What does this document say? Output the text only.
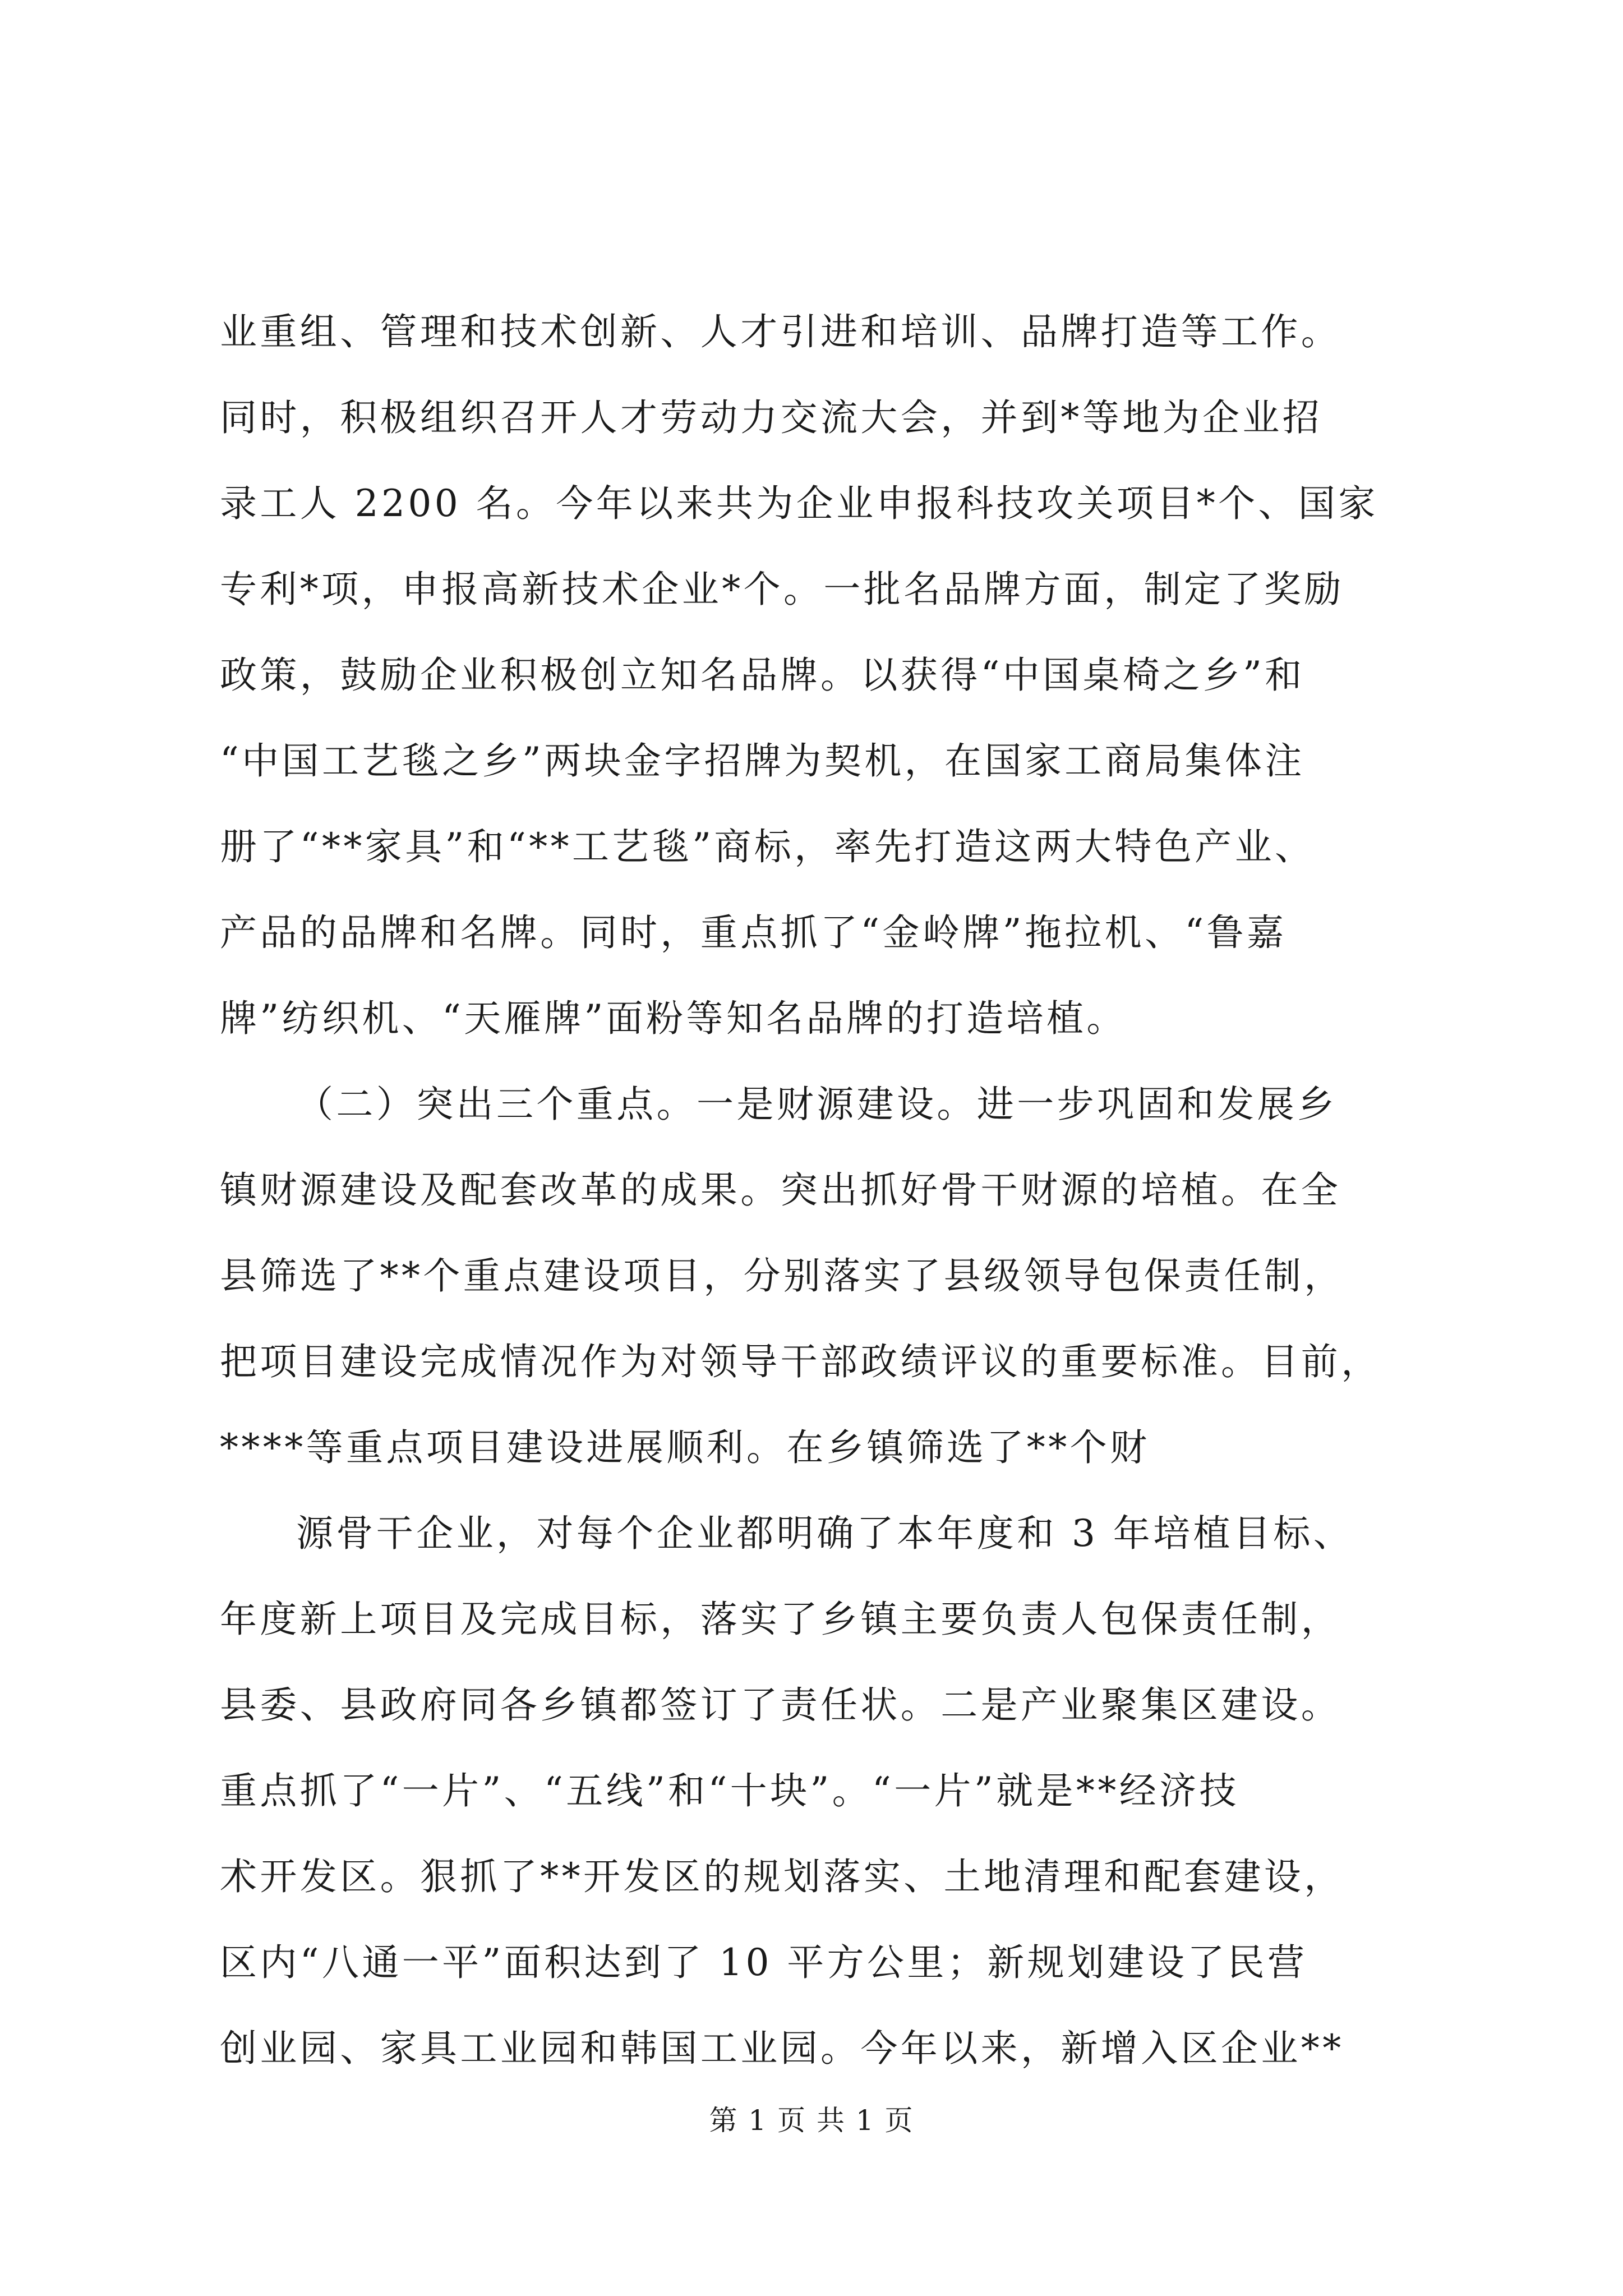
业重组、管理和技术创新、人才引进和培训、品牌打造等工作。
同时，积极组织召开人才劳动力交流大会，并到*等地为企业招
录工人 2200 名。今年以来共为企业申报科技攻关项目*个、国家
专利*项，申报高新技术企业*个。一批名品牌方面，制定了奖励
政策，鼓励企业积极创立知名品牌。以获得“中国桌椅之乡”和
“中国工艺毯之乡”两块金字招牌为契机，在国家工商局集体注
册了“**家具”和“**工艺毯”商标，率先打造这两大特色产业、
产品的品牌和名牌。同时，重点抓了“金岭牌”拖拉机、“鲁嘉
牌”纺织机、“天雁牌”面粉等知名品牌的打造培植。
（二）突出三个重点。一是财源建设。进一步巩固和发展乡
镇财源建设及配套改革的成果。突出抓好骨干财源的培植。在全
县筛选了**个重点建设项目，分别落实了县级领导包保责任制，
把项目建设完成情况作为对领导干部政绩评议的重要标准。目前，
****等重点项目建设进展顺利。在乡镇筛选了**个财
源骨干企业，对每个企业都明确了本年度和 3 年培植目标、
年度新上项目及完成目标，落实了乡镇主要负责人包保责任制，
县委、县政府同各乡镇都签订了责任状。二是产业聚集区建设。
重点抓了“一片”、“五线”和“十块”。“一片”就是**经济技
术开发区。狠抓了**开发区的规划落实、土地清理和配套建设，
区内“八通一平”面积达到了 10 平方公里；新规划建设了民营
创业园、家具工业园和韩国工业园。今年以来，新增入区企业**
第 1 页 共 1 页
